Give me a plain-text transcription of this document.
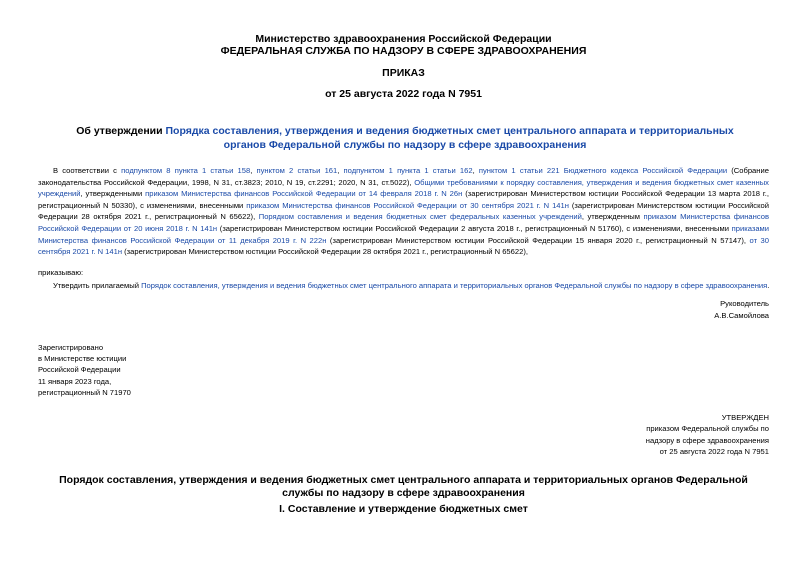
Министерство здравоохранения Российской Федерации
ФЕДЕРАЛЬНАЯ СЛУЖБА ПО НАДЗОРУ В СФЕРЕ ЗДРАВООХРАНЕНИЯ
ПРИКАЗ
от 25 августа 2022 года N 7951
Об утверждении Порядка составления, утверждения и ведения бюджетных смет центрального аппарата и территориальных органов Федеральной службы по надзору в сфере здравоохранения
В соответствии с подпунктом 8 пункта 1 статьи 158, пунктом 2 статьи 161, подпунктом 1 пункта 1 статьи 162, пунктом 1 статьи 221 Бюджетного кодекса Российской Федерации (Собрание законодательства Российской Федерации, 1998, N 31, ст.3823; 2010, N 19, ст.2291; 2020, N 31, ст.5022), Общими требованиями к порядку составления, утверждения и ведения бюджетных смет казенных учреждений, утвержденными приказом Министерства финансов Российской Федерации от 14 февраля 2018 г. N 26н (зарегистрирован Министерством юстиции Российской Федерации 13 марта 2018 г., регистрационный N 50330), с изменениями, внесенными приказом Министерства финансов Российской Федерации от 30 сентября 2021 г. N 141н (зарегистрирован Министерством юстиции Российской Федерации 28 октября 2021 г., регистрационный N 65622), Порядком составления и ведения бюджетных смет федеральных казенных учреждений, утвержденным приказом Министерства финансов Российской Федерации от 20 июня 2018 г. N 141н (зарегистрирован Министерством юстиции Российской Федерации 2 августа 2018 г., регистрационный N 51760), с изменениями, внесенными приказами Министерства финансов Российской Федерации от 11 декабря 2019 г. N 222н (зарегистрирован Министерством юстиции Российской Федерации 15 января 2020 г., регистрационный N 57147), от 30 сентября 2021 г. N 141н (зарегистрирован Министерством юстиции Российской Федерации 28 октября 2021 г., регистрационный N 65622),
приказываю:
Утвердить прилагаемый Порядок составления, утверждения и ведения бюджетных смет центрального аппарата и территориальных органов Федеральной службы по надзору в сфере здравоохранения.
Руководитель
А.В.Самойлова
Зарегистрировано
в Министерстве юстиции
Российской Федерации
11 января 2023 года,
регистрационный N 71970
УТВЕРЖДЕН
приказом Федеральной службы по
надзору в сфере здравоохранения
от 25 августа 2022 года N 7951
Порядок составления, утверждения и ведения бюджетных смет центрального аппарата и территориальных органов Федеральной службы по надзору в сфере здравоохранения
I. Составление и утверждение бюджетных смет
